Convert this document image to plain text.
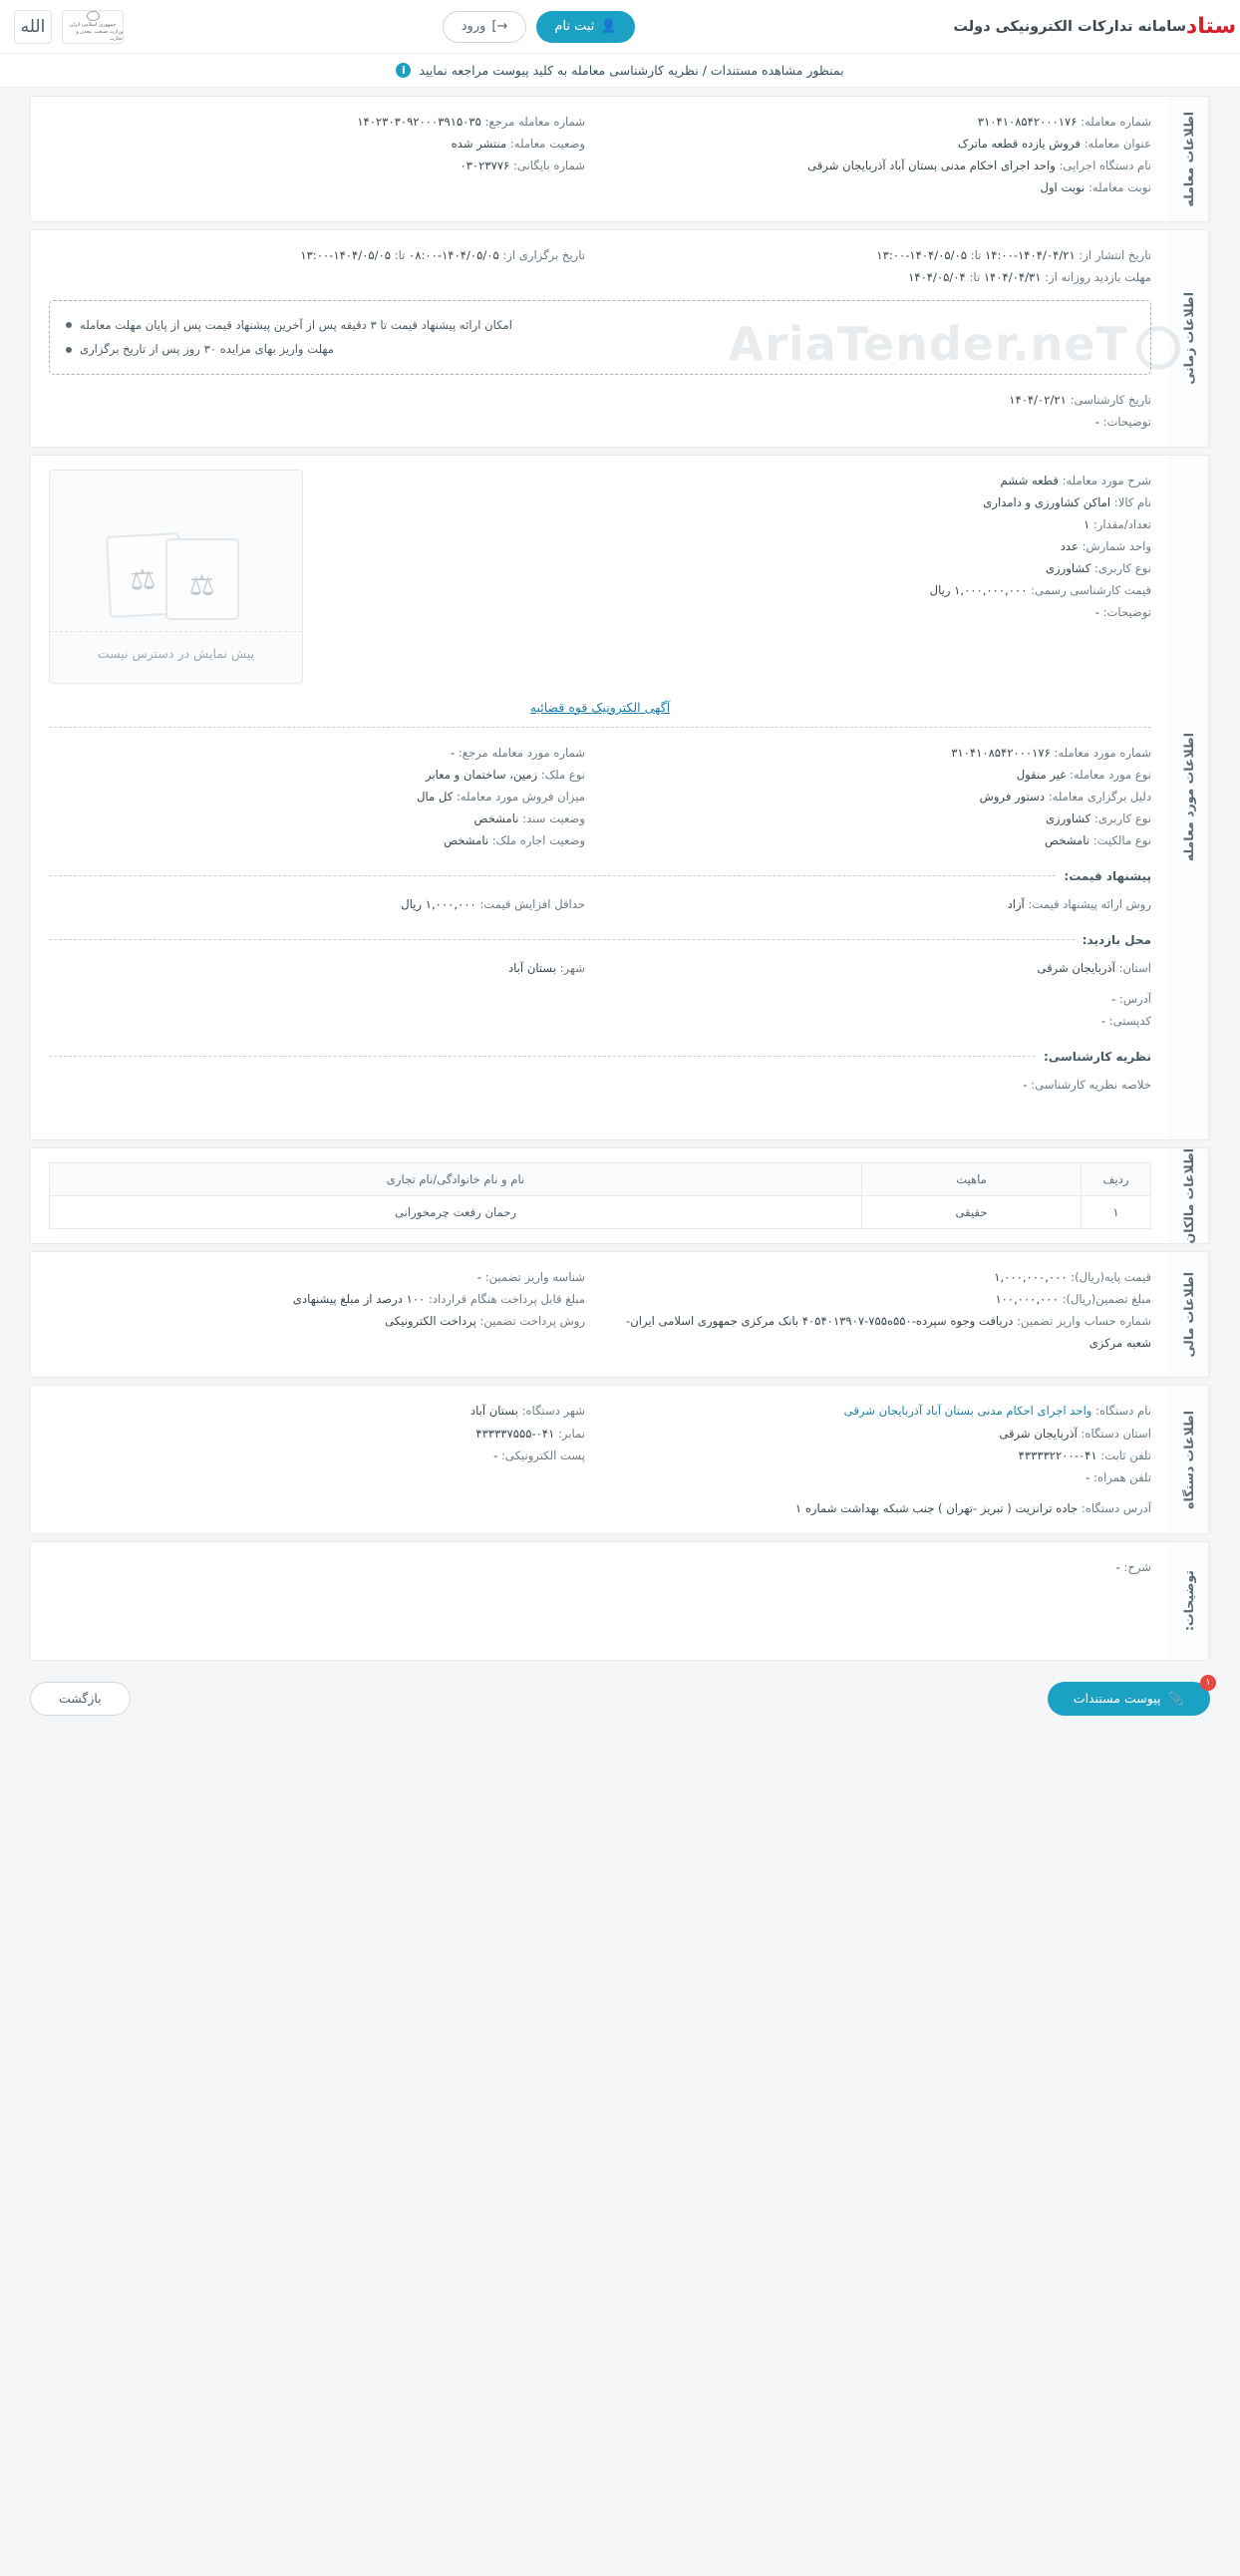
ستاد
سامانه تدارکات الکترونیکی دولت
👤
ثبت نام
→]
ورود
جمهوری اسلامی ایران
وزارت صنعت، معدن و تجارت
الله
بمنظور مشاهده مستندات / نظریه کارشناسی معامله به کلید پیوست مراجعه نمایید
i
اطلاعات معامله
شماره معامله: ۳۱۰۴۱۰۸۵۴۲۰۰۰۱۷۶
عنوان معامله: فروش یازده قطعه ماترک
نام دستگاه اجرایی: واحد اجرای احکام مدنی بستان آباد آذربایجان شرقی
نوبت معامله: نوبت اول
شماره معامله مرجع: ۱۴۰۲۳۰۳۰۹۲۰۰۰۳۹۱۵۰۳۵
وضعیت معامله: منتشر شده
شماره بایگانی: ۰۳۰۲۳۷۷۶
اطلاعات زمانی
تاریخ انتشار از: ۱۴۰۴/۰۴/۲۱-۱۴:۰۰ تا: ۱۴۰۴/۰۵/۰۵-۱۳:۰۰
مهلت بازدید روزانه از: ۱۴۰۴/۰۴/۳۱ تا: ۱۴۰۴/۰۵/۰۴
تاریخ برگزاری از: ۱۴۰۴/۰۵/۰۵-۰۸:۰۰ تا: ۱۴۰۴/۰۵/۰۵-۱۳:۰۰
امکان ارائه پیشنهاد قیمت تا ۳ دقیقه پس از آخرین پیشنهاد قیمت پس از پایان مهلت معامله
مهلت واریز بهای مزایده ۳۰ روز پس از تاریخ برگزاری
تاریخ کارشناسی: ۱۴۰۴/۰۲/۲۱
توضیحات: -
اطلاعات مورد معامله
شرح مورد معامله: قطعه ششم
نام کالا: اماکن کشاورزی و دامداری
تعداد/مقدار: ۱
واحد شمارش: عدد
نوع کاربری: کشاورزی
قیمت کارشناسی رسمی: ۱,۰۰۰,۰۰۰,۰۰۰ ریال
توضیحات: -
⚖ ⚖
پیش نمایش در دسترس نیست
آگهی الکترونیک قوه قضائیه
شماره مورد معامله: ۳۱۰۴۱۰۸۵۴۲۰۰۰۱۷۶
نوع مورد معامله: غیر منقول
دلیل برگزاری معامله: دستور فروش
نوع کاربری: کشاورزی
نوع مالکیت: نامشخص
شماره مورد معامله مرجع: -
نوع ملک: زمین، ساختمان و معابر
میزان فروش مورد معامله: کل مال
وضعیت سند: نامشخص
وضعیت اجاره ملک: نامشخص
پیشنهاد قیمت:
روش ارائه پیشنهاد قیمت: آزاد
حداقل افزایش قیمت: ۱,۰۰۰,۰۰۰ ریال
محل بازدید:
استان: آذربایجان شرقی
شهر: بستان آباد
آدرس: -
کدپستی: -
نظریه کارشناسی:
خلاصه نظریه کارشناسی: -
اطلاعات مالکان
ردیف	ماهیت	نام و نام خانوادگی/نام تجاری
۱	حقیقی	رحمان رفعت چرمخورانی
اطلاعات مالی
قیمت پایه(ریال): ۱,۰۰۰,۰۰۰,۰۰۰
مبلغ تضمین(ریال): ۱۰۰,۰۰۰,۰۰۰
شماره حساب واریز تضمین: دریافت وجوه سپرده-۵۵۰ه۷۵۵-۴۰۵۴۰۱۳۹۰۷ بانک مرکزی جمهوری اسلامی ایران- شعبه مرکزی
شناسه واریز تضمین: -
مبلغ قابل پرداخت هنگام قرارداد: ۱۰۰ درصد از مبلغ پیشنهادی
روش پرداخت تضمین: پرداخت الکترونیکی
اطلاعات دستگاه
نام دستگاه: واحد اجرای احکام مدنی بستان آباد آذربایجان شرقی
استان دستگاه: آذربایجان شرقی
تلفن ثابت: ۰۴۱-۴۳۳۳۳۲۲۰۰
تلفن همراه: -
شهر دستگاه: بستان آباد
نمابر: ۰۴۱-۴۳۳۳۳۷۵۵۵
پست الکترونیکی: -
آدرس دستگاه: جاده ترانزیت ( تبریز -تهران ) جنب شبکه بهداشت شماره ۱
توضیحات:
شرح: -
۱
📎
پیوست مستندات
بازگشت
AriaTender.neT
